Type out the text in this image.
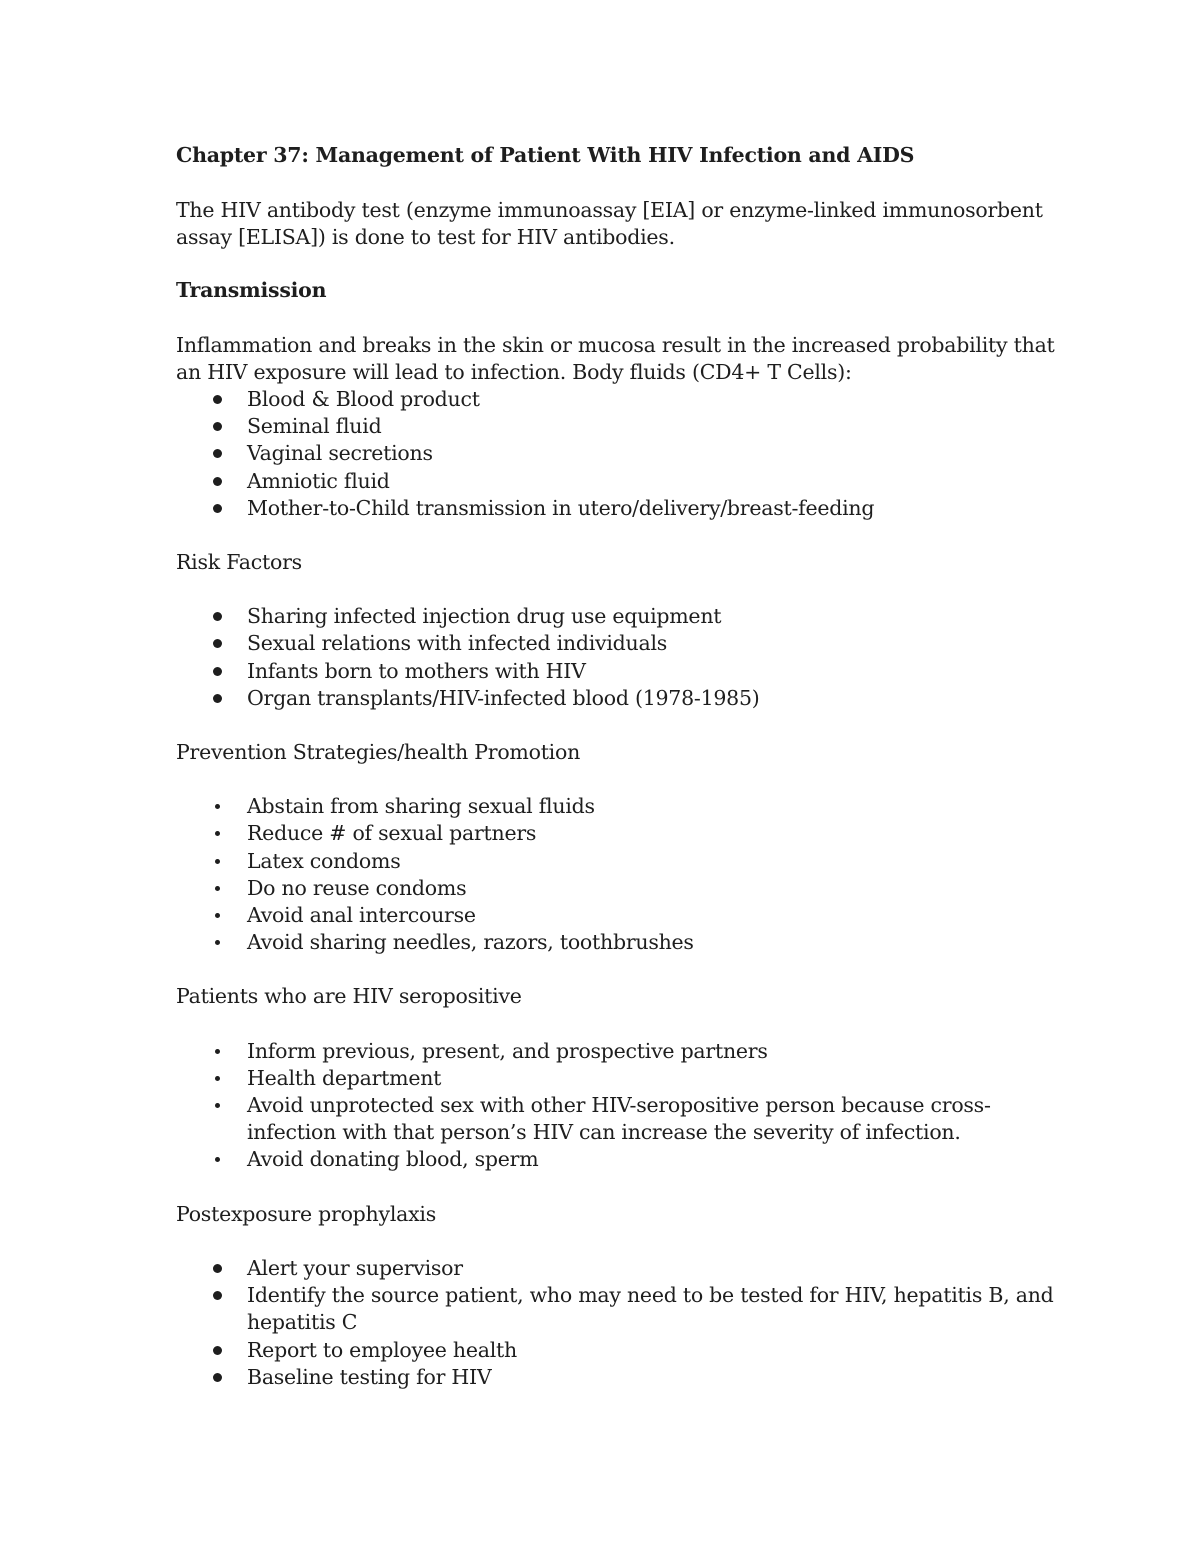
Chapter 37: Management of Patient With HIV Infection and AIDS
The HIV antibody test (enzyme immunoassay [EIA] or enzyme-linked immunosorbent assay [ELISA]) is done to test for HIV antibodies.
Transmission
Inflammation and breaks in the skin or mucosa result in the increased probability that an HIV exposure will lead to infection. Body fluids (CD4+ T Cells):
Blood & Blood product
Seminal fluid
Vaginal secretions
Amniotic fluid
Mother-to-Child transmission in utero/delivery/breast-feeding
Risk Factors
Sharing infected injection drug use equipment
Sexual relations with infected individuals
Infants born to mothers with HIV
Organ transplants/HIV-infected blood (1978-1985)
Prevention Strategies/health Promotion
Abstain from sharing sexual fluids
Reduce # of sexual partners
Latex condoms
Do no reuse condoms
Avoid anal intercourse
Avoid sharing needles, razors, toothbrushes
Patients who are HIV seropositive
Inform previous, present, and prospective partners
Health department
Avoid unprotected sex with other HIV-seropositive person because cross-infection with that person’s HIV can increase the severity of infection.
Avoid donating blood, sperm
Postexposure prophylaxis
Alert your supervisor
Identify the source patient, who may need to be tested for HIV, hepatitis B, and hepatitis C
Report to employee health
Baseline testing for HIV
